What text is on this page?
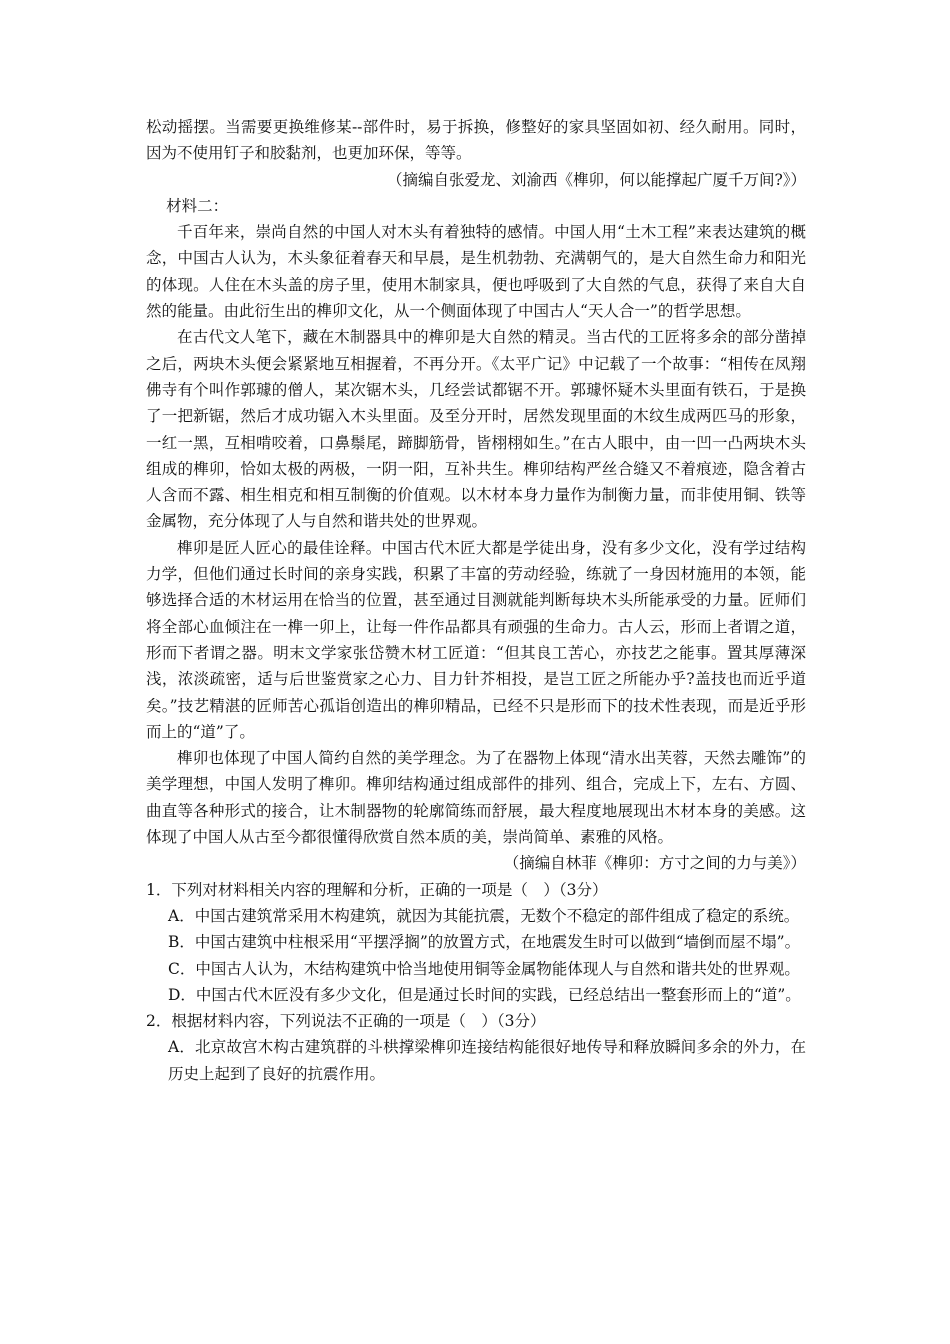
松动摇摆。当需要更换维修某--部件时，易于拆换，修整好的家具坚固如初、经久耐用。同时，因为不使用钉子和胶黏剂，也更加环保，等等。

（摘编自张爱龙、刘渝西《榫卯，何以能撑起广厦千万间?》）

材料二：

千百年来，崇尚自然的中国人对木头有着独特的感情。中国人用“土木工程”来表达建筑的概念，中国古人认为，木头象征着春天和早晨，是生机勃勃、充满朝气的，是大自然生命力和阳光的体现。人住在木头盖的房子里，使用木制家具，便也呼吸到了大自然的气息，获得了来自大自然的能量。由此衍生出的榫卯文化，从一个侧面体现了中国古人“天人合一”的哲学思想。

在古代文人笔下，藏在木制器具中的榫卯是大自然的精灵。当古代的工匠将多余的部分凿掉之后，两块木头便会紧紧地互相握着，不再分开。《太平广记》中记载了一个故事：“相传在凤翔佛寺有个叫作郭璩的僧人，某次锯木头，几经尝试都锯不开。郭璩怀疑木头里面有铁石，于是换了一把新锯，然后才成功锯入木头里面。及至分开时，居然发现里面的木纹生成两匹马的形象，一红一黑，互相啃咬着，口鼻鬃尾，蹄脚筋骨，皆栩栩如生。”在古人眼中，由一凹一凸两块木头组成的榫卯，恰如太极的两极，一阴一阳，互补共生。榫卯结构严丝合缝又不着痕迹，隐含着古人含而不露、相生相克和相互制衡的价值观。以木材本身力量作为制衡力量，而非使用铜、铁等金属物，充分体现了人与自然和谐共处的世界观。

榫卯是匠人匠心的最佳诠释。中国古代木匠大都是学徒出身，没有多少文化，没有学过结构力学，但他们通过长时间的亲身实践，积累了丰富的劳动经验，练就了一身因材施用的本领，能够选择合适的木材运用在恰当的位置，甚至通过目测就能判断每块木头所能承受的力量。匠师们将全部心血倾注在一榫一卯上，让每一件作品都具有顽强的生命力。古人云，形而上者谓之道，形而下者谓之器。明末文学家张岱赞木材工匠道：“但其良工苦心，亦技艺之能事。置其厚薄深浅，浓淡疏密，适与后世鉴赏家之心力、目力针芥相投，是岂工匠之所能办乎?盖技也而近乎道矣。”技艺精湛的匠师苦心孤诣创造出的榫卯精品，已经不只是形而下的技术性表现，而是近乎形而上的“道”了。

榫卯也体现了中国人简约自然的美学理念。为了在器物上体现“清水出芙蓉，天然去雕饰”的美学理想，中国人发明了榫卯。榫卯结构通过组成部件的排列、组合，完成上下，左右、方圆、曲直等各种形式的接合，让木制器物的轮廓简练而舒展，最大程度地展现出木材本身的美感。这体现了中国人从古至今都很懂得欣赏自然本质的美，崇尚简单、素雅的风格。

（摘编自林菲《榫卯：方寸之间的力与美》）

1．下列对材料相关内容的理解和分析，正确的一项是（　）（3分）

A．中国古建筑常采用木构建筑，就因为其能抗震，无数个不稳定的部件组成了稳定的系统。

B．中国古建筑中柱根采用“平摆浮搁”的放置方式，在地震发生时可以做到“墙倒而屋不塌”。

C．中国古人认为，木结构建筑中恰当地使用铜等金属物能体现人与自然和谐共处的世界观。

D．中国古代木匠没有多少文化，但是通过长时间的实践，已经总结出一整套形而上的“道”。

2．根据材料内容，下列说法不正确的一项是（　）（3分）

A．北京故宫木构古建筑群的斗栱撑梁榫卯连接结构能很好地传导和释放瞬间多余的外力，在历史上起到了良好的抗震作用。
